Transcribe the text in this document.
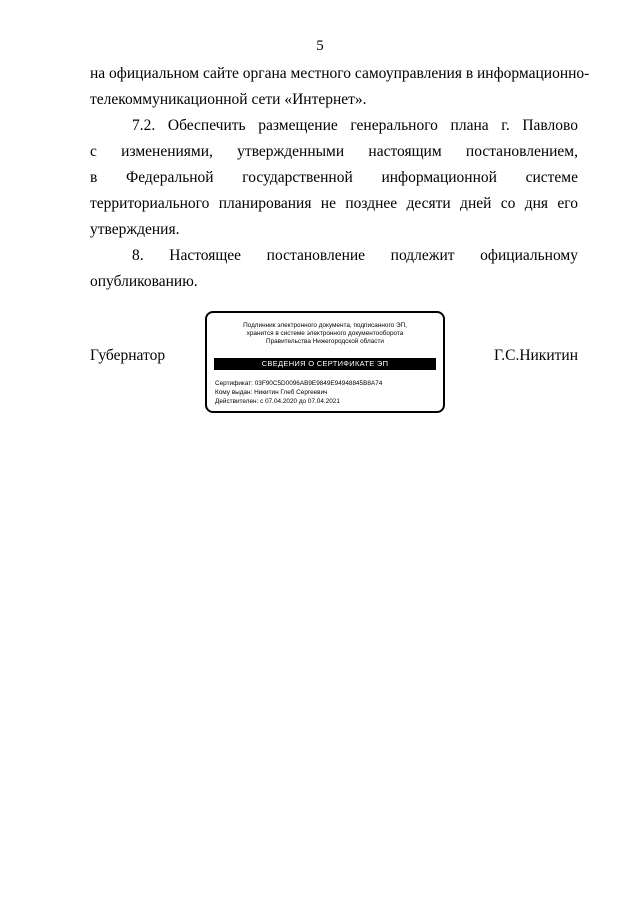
5
на официальном сайте органа местного самоуправления в информационно-
телекоммуникационной сети «Интернет».
7.2. Обеспечить размещение генерального плана г. Павлово
с изменениями, утвержденными настоящим постановлением,
в Федеральной государственной информационной системе
территориального планирования не позднее десяти дней со дня его
утверждения.
8. Настоящее постановление подлежит официальному
опубликованию.
Губернатор	Г.С.Никитин
Подлинник электронного документа, подписанного ЭП,
хранится в системе электронного документооборота
Правительства Нижегородской области
СВЕДЕНИЯ О СЕРТИФИКАТЕ ЭП
Сертификат: 03F90C5D0096AB9E9849E94948845B8A74
Кому выдан: Никитин Глеб Сергеевич
Действителен: с 07.04.2020 до 07.04.2021
